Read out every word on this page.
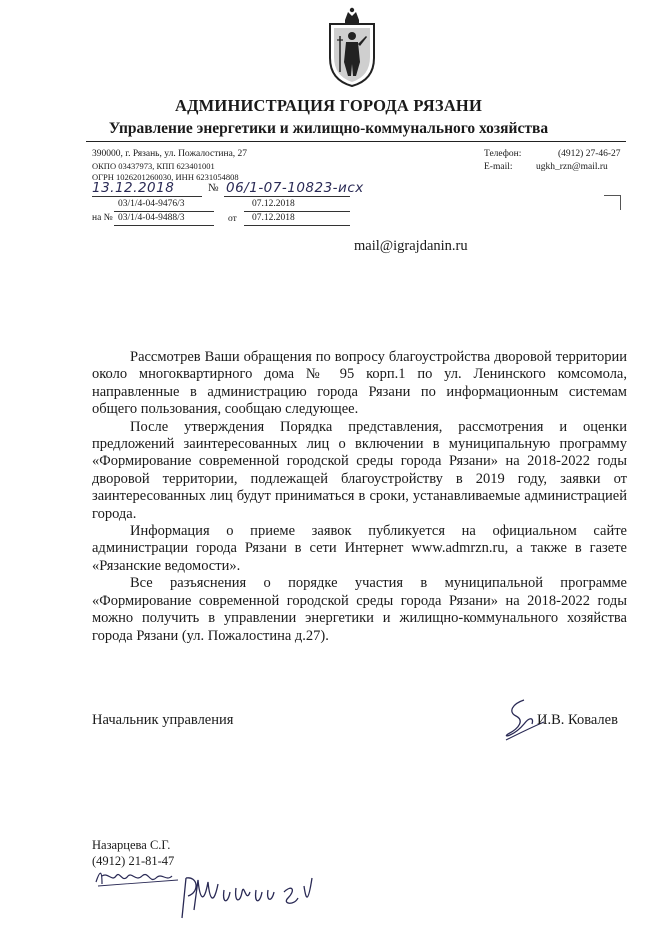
АДМИНИСТРАЦИЯ ГОРОДА РЯЗАНИ
Управление энергетики и жилищно-коммунального хозяйства
390000, г. Рязань, ул. Пожалостина, 27
ОКПО 03437973, КПП 623401001
ОГРН 1026201260030, ИНН 6231054808
Телефон:	(4912) 27-46-27
E-mail: ugkh_rzn@mail.ru
13.12.2018	№ 06/1-07-10823-исх
03/1/4-04-9476/3	07.12.2018
на № 03/1/4-04-9488/3	от 07.12.2018
mail@igrajdanin.ru

Рассмотрев Ваши обращения по вопросу благоустройства дворовой территории около многоквартирного дома № 95 корп.1 по ул. Ленинского комсомола, направленные в администрацию города Рязани по информационным системам общего пользования, сообщаю следующее.

После утверждения Порядка представления, рассмотрения и оценки предложений заинтересованных лиц о включении в муниципальную программу «Формирование современной городской среды города Рязани» на 2018-2022 годы дворовой территории, подлежащей благоустройству в 2019 году, заявки от заинтересованных лиц будут приниматься в сроки, устанавливаемые администрацией города.

Информация о приеме заявок публикуется на официальном сайте администрации города Рязани в сети Интернет www.admrzn.ru, а также в газете «Рязанские ведомости».

Все разъяснения о порядке участия в муниципальной программе «Формирование современной городской среды города Рязани» на 2018-2022 годы можно получить в управлении энергетики и жилищно-коммунального хозяйства города Рязани (ул. Пожалостина д.27).

Начальник управления	И.В. Ковалев
Назарцева С.Г.
(4912) 21-81-47
